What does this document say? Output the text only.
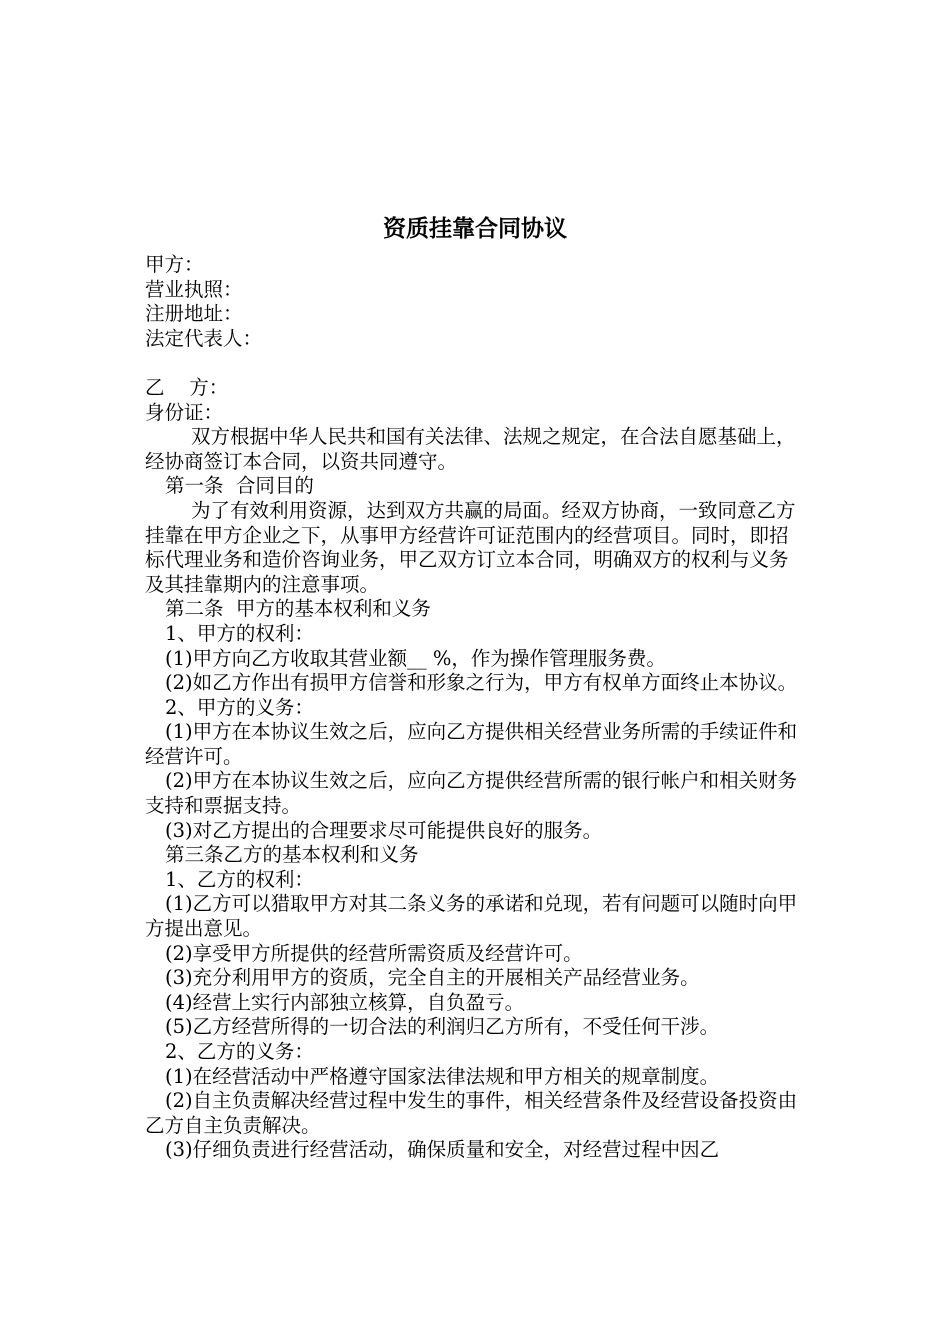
资质挂靠合同协议

甲方：

营业执照：

注册地址：

法定代表人：

乙    方：

身份证：

双方根据中华人民共和国有关法律、法规之规定，在合法自愿基础上，经协商签订本合同，以资共同遵守。

第一条  合同目的

为了有效利用资源，达到双方共赢的局面。经双方协商，一致同意乙方挂靠在甲方企业之下，从事甲方经营许可证范围内的经营项目。同时，即招标代理业务和造价咨询业务，甲乙双方订立本合同，明确双方的权利与义务及其挂靠期内的注意事项。

第二条  甲方的基本权利和义务

1、甲方的权利：

(1)甲方向乙方收取其营业额__ %，作为操作管理服务费。

(2)如乙方作出有损甲方信誉和形象之行为，甲方有权单方面终止本协议。

2、甲方的义务：

(1)甲方在本协议生效之后，应向乙方提供相关经营业务所需的手续证件和经营许可。

(2)甲方在本协议生效之后，应向乙方提供经营所需的银行帐户和相关财务支持和票据支持。

(3)对乙方提出的合理要求尽可能提供良好的服务。

第三条乙方的基本权利和义务

1、乙方的权利：

(1)乙方可以猎取甲方对其二条义务的承诺和兑现，若有问题可以随时向甲方提出意见。

(2)享受甲方所提供的经营所需资质及经营许可。

(3)充分利用甲方的资质，完全自主的开展相关产品经营业务。

(4)经营上实行内部独立核算，自负盈亏。

(5)乙方经营所得的一切合法的利润归乙方所有，不受任何干涉。

2、乙方的义务：

(1)在经营活动中严格遵守国家法律法规和甲方相关的规章制度。

(2)自主负责解决经营过程中发生的事件，相关经营条件及经营设备投资由乙方自主负责解决。

(3)仔细负责进行经营活动，确保质量和安全，对经营过程中因乙
